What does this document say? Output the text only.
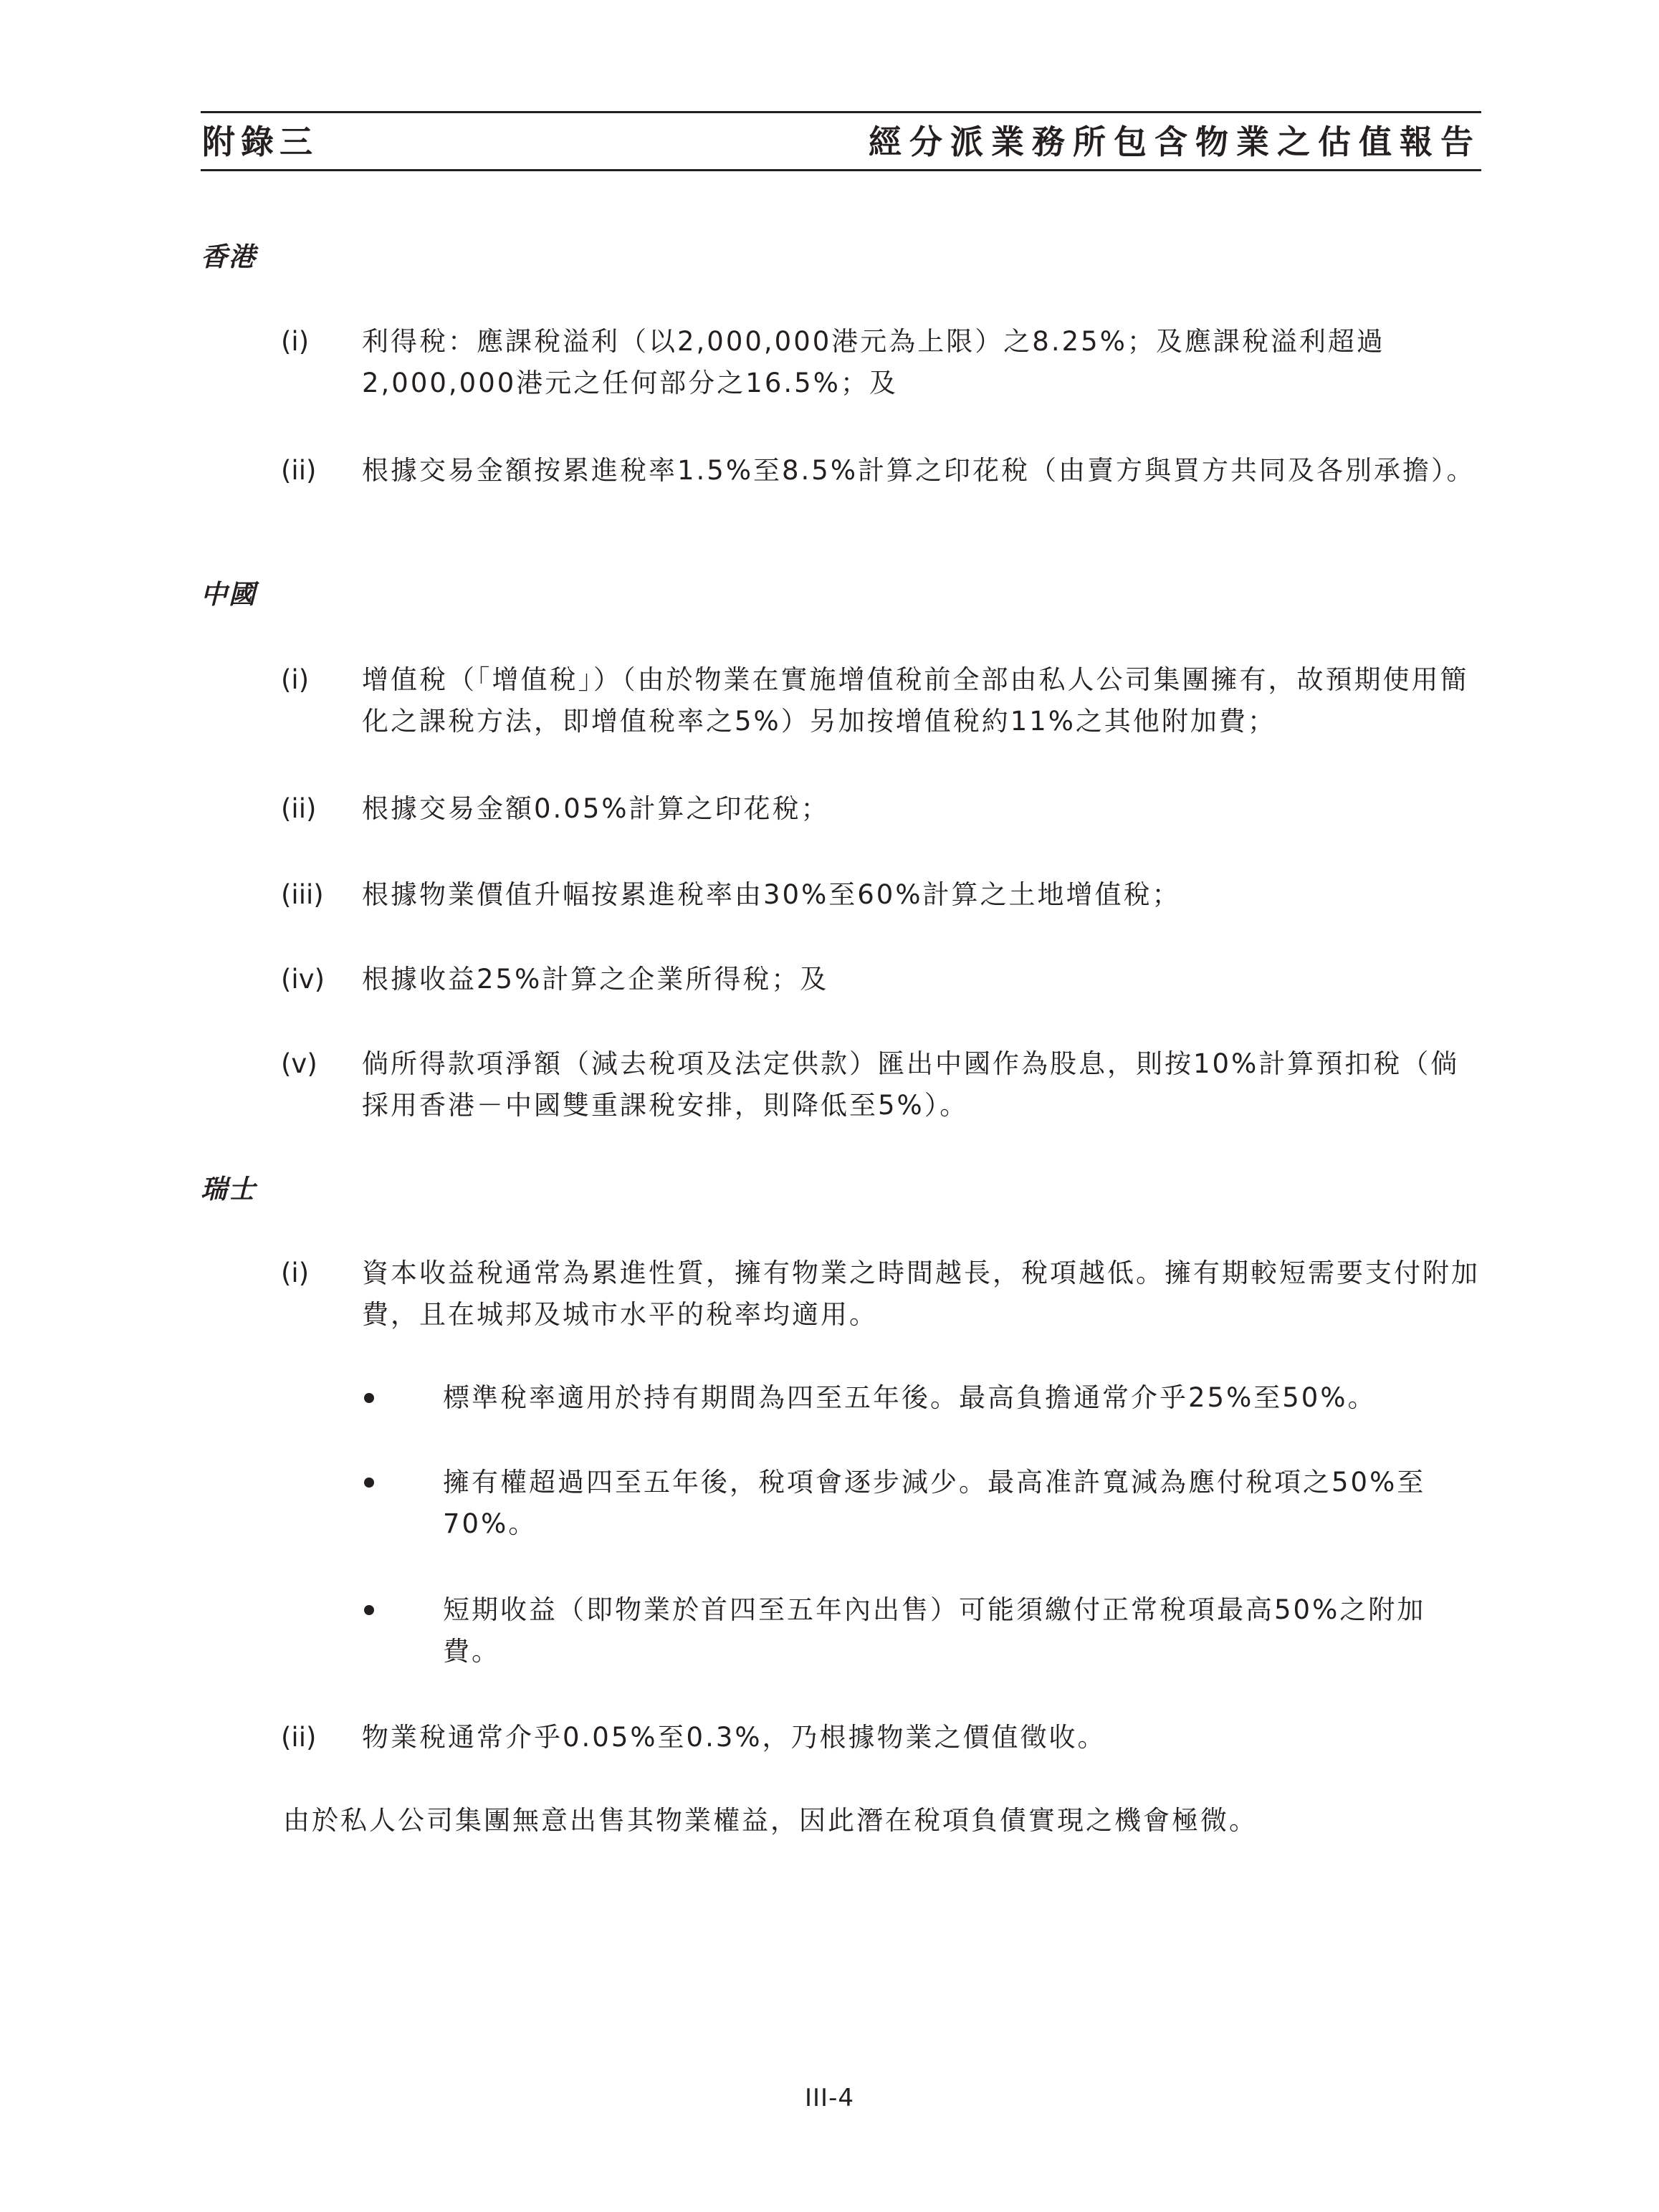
附錄三	經分派業務所包含物業之估值報告
香港
(i) 利得稅：應課稅溢利（以2,000,000港元為上限）之8.25%；及應課稅溢利超過2,000,000港元之任何部分之16.5%；及
(ii) 根據交易金額按累進稅率1.5%至8.5%計算之印花稅（由賣方與買方共同及各別承擔）。
中國
(i) 增值稅（「增值稅」）（由於物業在實施增值稅前全部由私人公司集團擁有，故預期使用簡化之課稅方法，即增值稅率之5%）另加按增值稅約11%之其他附加費；
(ii) 根據交易金額0.05%計算之印花稅；
(iii) 根據物業價值升幅按累進稅率由30%至60%計算之土地增值稅；
(iv) 根據收益25%計算之企業所得稅；及
(v) 倘所得款項淨額（減去稅項及法定供款）匯出中國作為股息，則按10%計算預扣稅（倘採用香港－中國雙重課稅安排，則降低至5%）。
瑞士
(i) 資本收益稅通常為累進性質，擁有物業之時間越長，稅項越低。擁有期較短需要支付附加費，且在城邦及城市水平的稅率均適用。
標準稅率適用於持有期間為四至五年後。最高負擔通常介乎25%至50%。
擁有權超過四至五年後，稅項會逐步減少。最高准許寬減為應付稅項之50%至70%。
短期收益（即物業於首四至五年內出售）可能須繳付正常稅項最高50%之附加費。
(ii) 物業稅通常介乎0.05%至0.3%，乃根據物業之價值徵收。
由於私人公司集團無意出售其物業權益，因此潛在稅項負債實現之機會極微。
III-4
